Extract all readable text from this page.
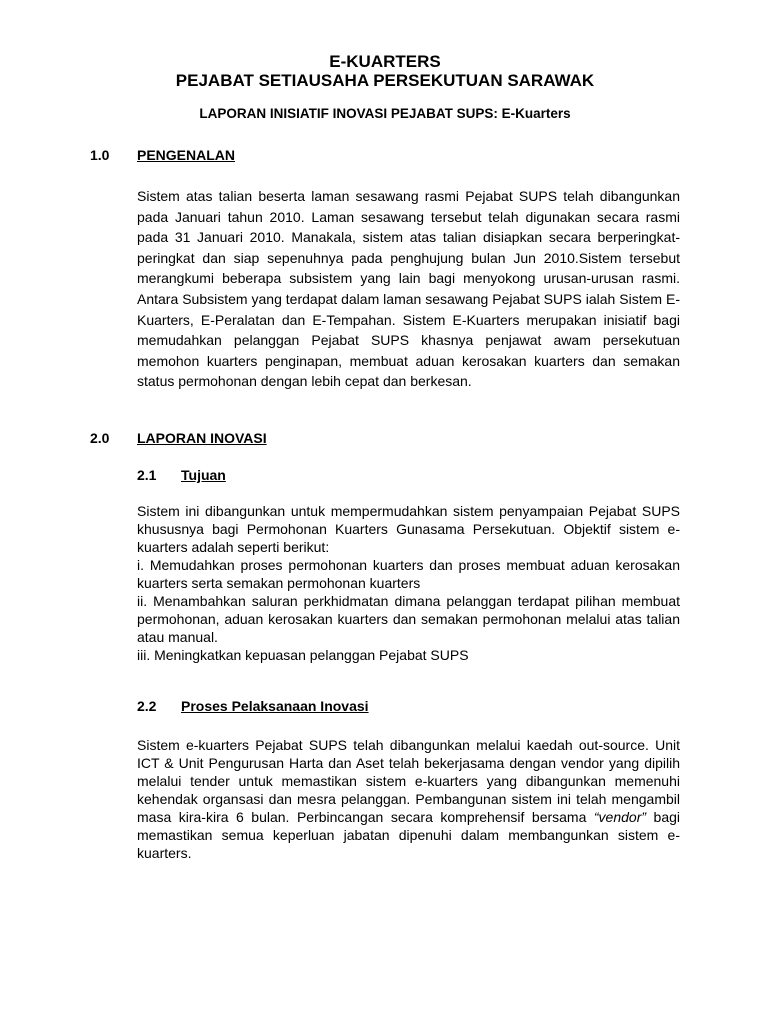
E-KUARTERS
PEJABAT SETIAUSAHA PERSEKUTUAN SARAWAK
LAPORAN INISIATIF INOVASI PEJABAT SUPS: E-Kuarters
1.0 PENGENALAN

Sistem atas talian beserta laman sesawang rasmi Pejabat SUPS telah dibangunkan pada Januari tahun 2010. Laman sesawang tersebut telah digunakan secara rasmi pada 31 Januari 2010. Manakala, sistem atas talian disiapkan secara berperingkat-peringkat dan siap sepenuhnya pada penghujung bulan Jun 2010.Sistem tersebut merangkumi beberapa subsistem yang lain bagi menyokong urusan-urusan rasmi. Antara Subsistem yang terdapat dalam laman sesawang Pejabat SUPS ialah Sistem E-Kuarters, E-Peralatan dan E-Tempahan. Sistem E-Kuarters merupakan inisiatif bagi memudahkan pelanggan Pejabat SUPS khasnya penjawat awam persekutuan memohon kuarters penginapan, membuat aduan kerosakan kuarters dan semakan status permohonan dengan lebih cepat dan berkesan.

2.0 LAPORAN INOVASI
2.1 Tujuan
Sistem ini dibangunkan untuk mempermudahkan sistem penyampaian Pejabat SUPS khususnya bagi Permohonan Kuarters Gunasama Persekutuan. Objektif sistem e-kuarters adalah seperti berikut:
i. Memudahkan proses permohonan kuarters dan proses membuat aduan kerosakan kuarters serta semakan permohonan kuarters
ii. Menambahkan saluran perkhidmatan dimana pelanggan terdapat pilihan membuat permohonan, aduan kerosakan kuarters dan semakan permohonan melalui atas talian atau manual.
iii. Meningkatkan kepuasan pelanggan Pejabat SUPS
2.2 Proses Pelaksanaan Inovasi

Sistem e-kuarters Pejabat SUPS telah dibangunkan melalui kaedah out-source. Unit ICT & Unit Pengurusan Harta dan Aset telah bekerjasama dengan vendor yang dipilih melalui tender untuk memastikan sistem e-kuarters yang dibangunkan memenuhi kehendak organsasi dan mesra pelanggan. Pembangunan sistem ini telah mengambil masa kira-kira 6 bulan. Perbincangan secara komprehensif bersama “vendor” bagi memastikan semua keperluan jabatan dipenuhi dalam membangunkan sistem e-kuarters.
